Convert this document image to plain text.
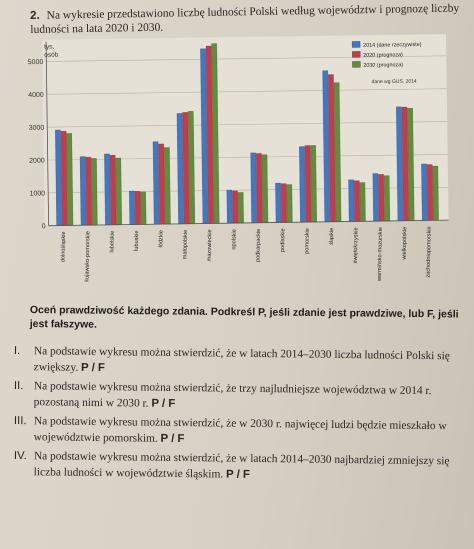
2. Na wykresie przedstawiono liczbę ludności Polski według województw i prognozę liczby ludności na lata 2020 i 2030.
0
1000
2000
3000
4000
5000
dolnośląskie	kujawsko-pomorskie	lubelskie	lubuskie	łódzkie	małopolskie	mazowieckie	opolskie	podkarpackie	podlaskie	pomorskie	śląskie	świętokrzyskie	warmińsko-mazurskie	wielkopolskie	zachodniopomorskie
tys.
osób
2014 (dane rzeczywiste)
2020 (prognoza)
2030 (prognoza)
dane wg GUS, 2014
Oceń prawdziwość każdego zdania. Podkreśl P, jeśli zdanie jest prawdziwe, lub F, jeśli jest fałszywe.
I. Na podstawie wykresu można stwierdzić, że w latach 2014–2030 liczba ludności Polski się zwiększy. P / F
II. Na podstawie wykresu można stwierdzić, że trzy najludniejsze województwa w 2014 r. pozostaną nimi w 2030 r. P / F
III. Na podstawie wykresu można stwierdzić, że w 2030 r. najwięcej ludzi będzie mieszkało w województwie pomorskim. P / F
IV. Na podstawie wykresu można stwierdzić, że w latach 2014–2030 najbardziej zmniejszy się liczba ludności w województwie śląskim. P / F
